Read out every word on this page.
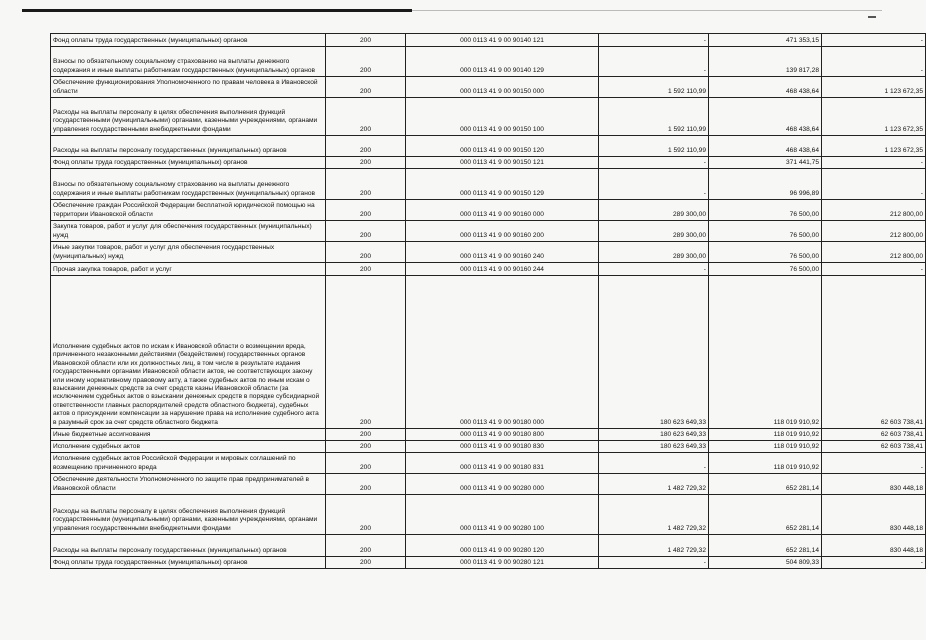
Фонд оплаты труда государственных (муниципальных) органов	200	000 0113 41 9 00 90140 121	-	471 353,15	-
Взносы по обязательному социальному страхованию на выплаты денежного содержания и иные выплаты работникам государственных (муниципальных) органов	200	000 0113 41 9 00 90140 129	-	139 817,28	-
Обеспечение функционирования Уполномоченного по правам человека в Ивановской области	200	000 0113 41 9 00 90150 000	1 592 110,99	468 438,64	1 123 672,35
Расходы на выплаты персоналу в целях обеспечения выполнения функций государственными (муниципальными) органами, казенными учреждениями, органами управления государственными внебюджетными фондами	200	000 0113 41 9 00 90150 100	1 592 110,99	468 438,64	1 123 672,35
Расходы на выплаты персоналу государственных (муниципальных) органов	200	000 0113 41 9 00 90150 120	1 592 110,99	468 438,64	1 123 672,35
Фонд оплаты труда государственных (муниципальных) органов	200	000 0113 41 9 00 90150 121	-	371 441,75	-
Взносы по обязательному социальному страхованию на выплаты денежного содержания и иные выплаты работникам государственных (муниципальных) органов	200	000 0113 41 9 00 90150 129	-	96 996,89	-
Обеспечение граждан Российской Федерации бесплатной юридической помощью на территории Ивановской области	200	000 0113 41 9 00 90160 000	289 300,00	76 500,00	212 800,00
Закупка товаров, работ и услуг для обеспечения государственных (муниципальных) нужд	200	000 0113 41 9 00 90160 200	289 300,00	76 500,00	212 800,00
Иные закупки товаров, работ и услуг для обеспечения государственных (муниципальных) нужд	200	000 0113 41 9 00 90160 240	289 300,00	76 500,00	212 800,00
Прочая закупка товаров, работ и услуг	200	000 0113 41 9 00 90160 244	-	76 500,00	-
Исполнение судебных актов по искам к Ивановской области о возмещении вреда, причиненного незаконными действиями (бездействием) государственных органов Ивановской области или их должностных лиц, в том числе в результате издания государственными органами Ивановской области актов, не соответствующих закону или иному нормативному правовому акту, а также судебных актов по иным искам о взыскании денежных средств за счет средств казны Ивановской области (за исключением судебных актов о взыскании денежных средств в порядке субсидиарной ответственности главных распорядителей средств областного бюджета), судебных актов о присуждении компенсации за нарушение права на исполнение судебного акта в разумный срок за счет средств областного бюджета	200	000 0113 41 9 00 90180 000	180 623 649,33	118 019 910,92	62 603 738,41
Иные бюджетные ассигнования	200	000 0113 41 9 00 90180 800	180 623 649,33	118 019 910,92	62 603 738,41
Исполнение судебных актов	200	000 0113 41 9 00 90180 830	180 623 649,33	118 019 910,92	62 603 738,41
Исполнение судебных актов Российской Федерации и мировых соглашений по возмещению причиненного вреда	200	000 0113 41 9 00 90180 831	-	118 019 910,92	-
Обеспечение деятельности Уполномоченного по защите прав предпринимателей в Ивановской области	200	000 0113 41 9 00 90280 000	1 482 729,32	652 281,14	830 448,18
Расходы на выплаты персоналу в целях обеспечения выполнения функций государственными (муниципальными) органами, казенными учреждениями, органами управления государственными внебюджетными фондами	200	000 0113 41 9 00 90280 100	1 482 729,32	652 281,14	830 448,18
Расходы на выплаты персоналу государственных (муниципальных) органов	200	000 0113 41 9 00 90280 120	1 482 729,32	652 281,14	830 448,18
Фонд оплаты труда государственных (муниципальных) органов	200	000 0113 41 9 00 90280 121	-	504 809,33	-
